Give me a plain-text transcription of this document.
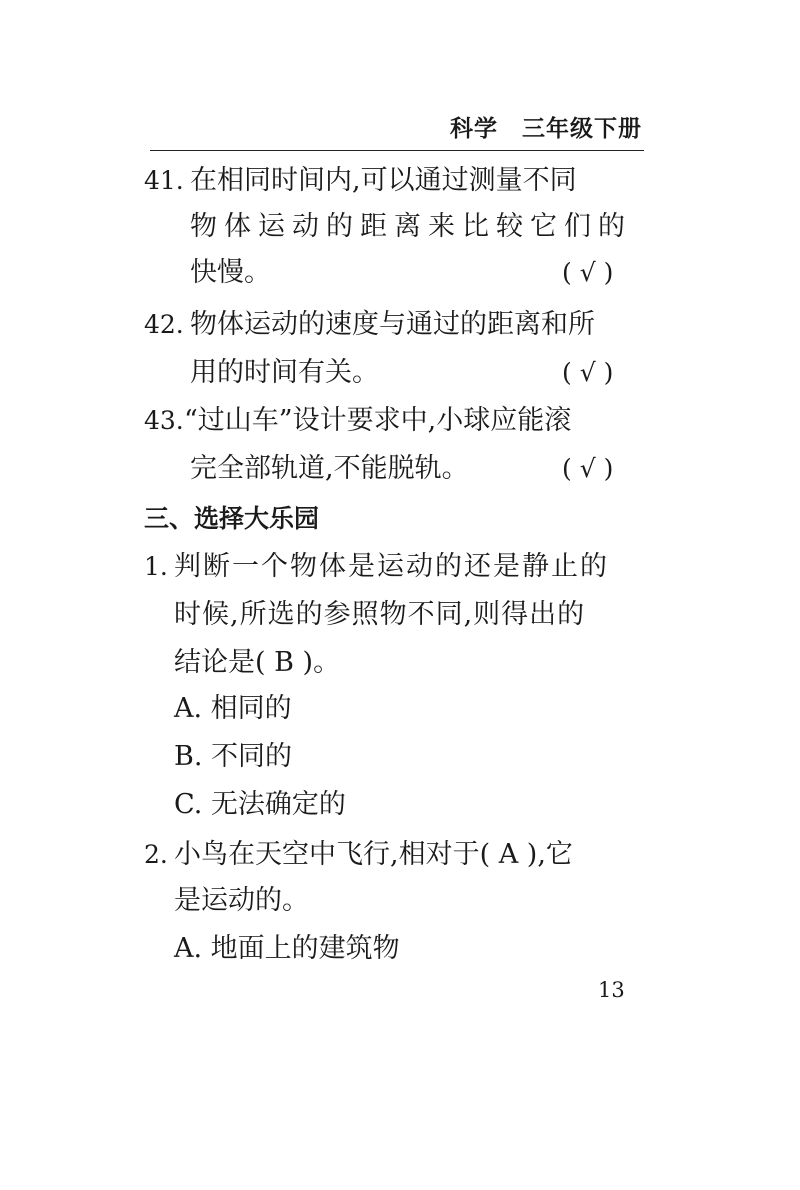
科学　三年级下册
41. 在相同时间内,可以通过测量不同
物体运动的距离来比较它们的
快慢。	( √ )
42. 物体运动的速度与通过的距离和所
用的时间有关。	( √ )
43. “过山车”设计要求中,小球应能滚
完全部轨道,不能脱轨。	( √ )
三、选择大乐园
1. 判断一个物体是运动的还是静止的
时候,所选的参照物不同,则得出的
结论是( B )。
A. 相同的
B. 不同的
C. 无法确定的
2. 小鸟在天空中飞行,相对于( A ),它
是运动的。
A. 地面上的建筑物
13
